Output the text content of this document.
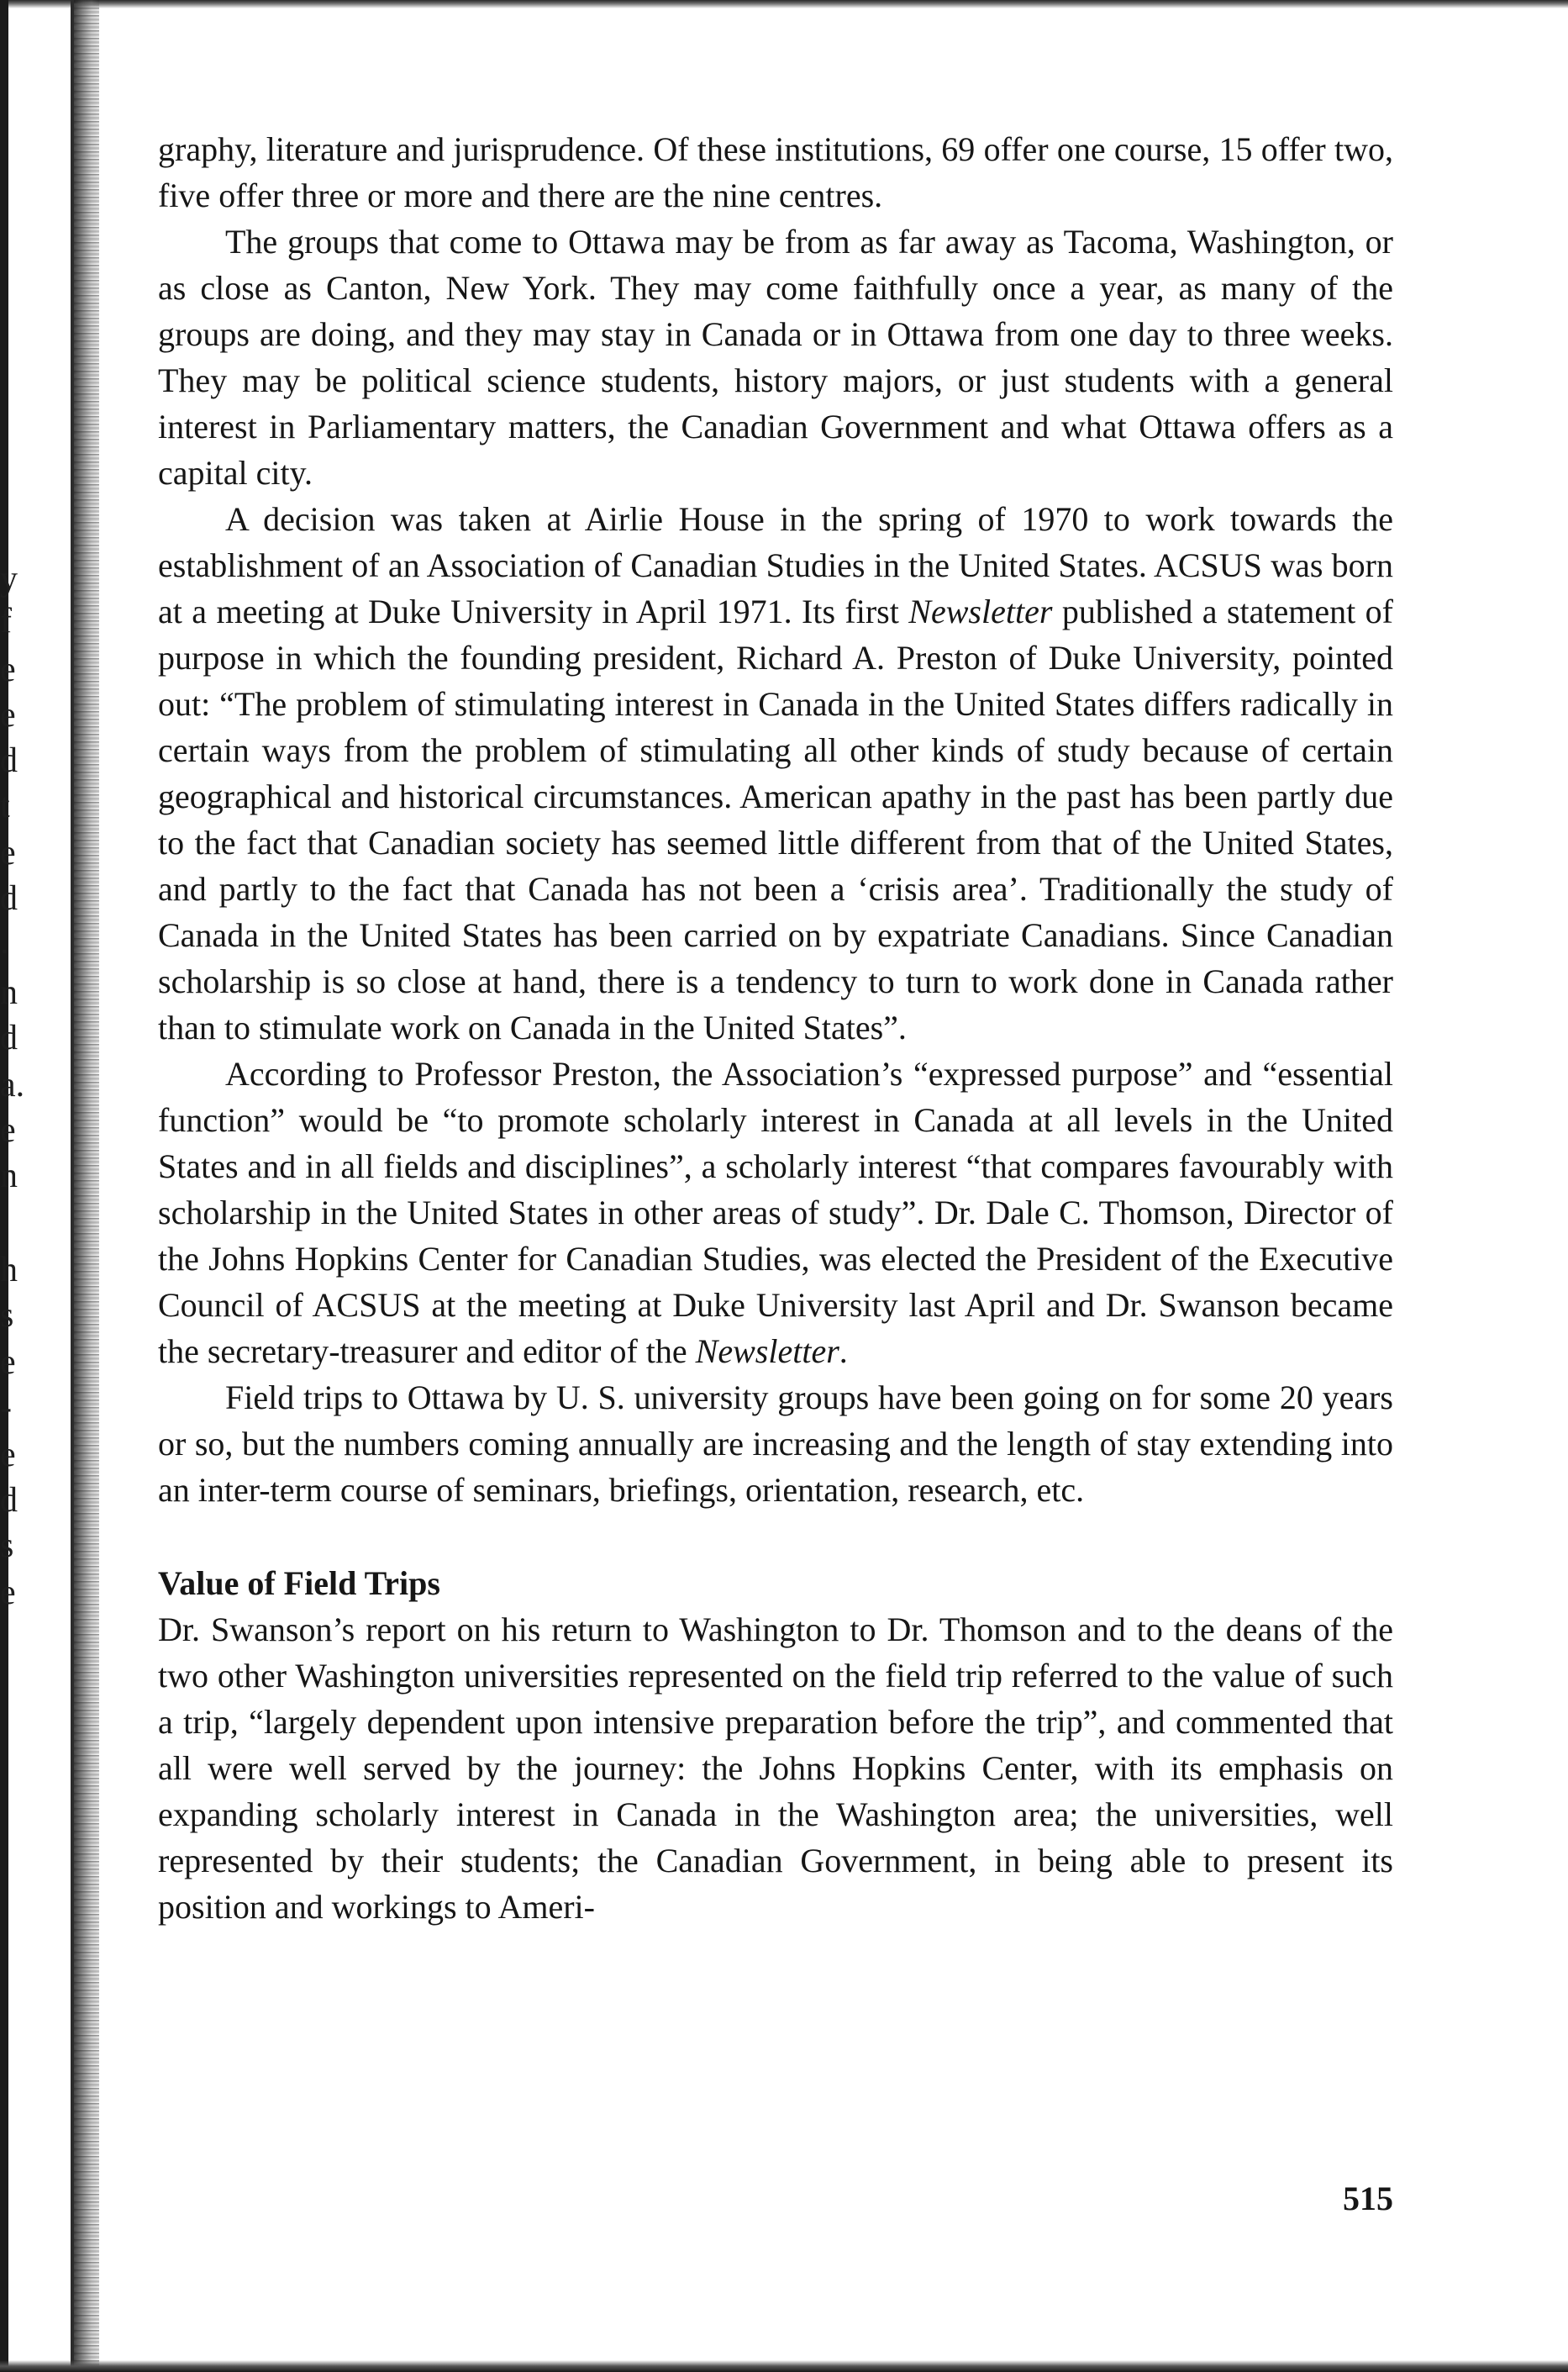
y
f
e
e
d
t
e
d
.
n
d
a.
e
n
h
s
e
-
e
d
s
e

graphy, literature and jurisprudence. Of these institutions, 69 offer one course, 15 offer two, five offer three or more and there are the nine centres.

The groups that come to Ottawa may be from as far away as Tacoma, Washington, or as close as Canton, New York. They may come faithfully once a year, as many of the groups are doing, and they may stay in Canada or in Ottawa from one day to three weeks. They may be political science students, history majors, or just students with a general interest in Parliamentary matters, the Canadian Government and what Ottawa offers as a capital city.

A decision was taken at Airlie House in the spring of 1970 to work towards the establishment of an Association of Canadian Studies in the United States. ACSUS was born at a meeting at Duke University in April 1971. Its first Newsletter published a statement of purpose in which the founding president, Richard A. Preston of Duke University, pointed out: “The problem of stimulating interest in Canada in the United States differs radically in certain ways from the problem of stimulating all other kinds of study because of certain geographical and historical circumstances. American apathy in the past has been partly due to the fact that Canadian society has seemed little different from that of the United States, and partly to the fact that Canada has not been a ‘crisis area’. Traditionally the study of Canada in the United States has been carried on by expatriate Canadians. Since Canadian scholarship is so close at hand, there is a tendency to turn to work done in Canada rather than to stimulate work on Canada in the United States”.

According to Professor Preston, the Association’s “expressed purpose” and “essential function” would be “to promote scholarly interest in Canada at all levels in the United States and in all fields and disciplines”, a scholarly interest “that compares favourably with scholarship in the United States in other areas of study”. Dr. Dale C. Thomson, Director of the Johns Hopkins Center for Canadian Studies, was elected the President of the Executive Council of ACSUS at the meeting at Duke University last April and Dr. Swanson became the secretary-treasurer and editor of the Newsletter.

Field trips to Ottawa by U. S. university groups have been going on for some 20 years or so, but the numbers coming annually are increasing and the length of stay extending into an inter-term course of seminars, briefings, orientation, research, etc.

Value of Field Trips

Dr. Swanson’s report on his return to Washington to Dr. Thomson and to the deans of the two other Washington universities represented on the field trip referred to the value of such a trip, “largely dependent upon intensive preparation before the trip”, and commented that all were well served by the journey: the Johns Hopkins Center, with its emphasis on expanding scholarly interest in Canada in the Washington area; the universities, well represented by their students; the Canadian Government, in being able to present its position and workings to Ameri-

515
